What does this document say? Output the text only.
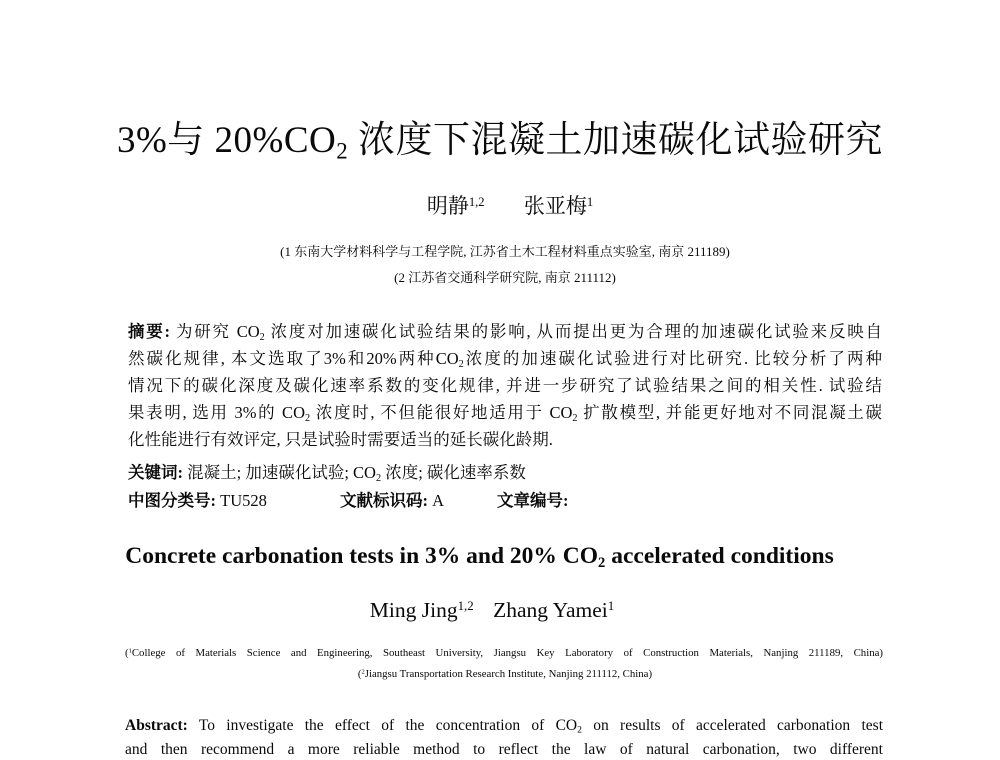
3%与 $20\%CO_2$ 浓度下混凝土加速碳化试验研究
明静$^{1,2}$ 张亚梅$^1$
(1 东南大学材料科学与工程学院, 江苏省土木工程材料重点实验室, 南京 211189)
(2 江苏省交通科学研究院, 南京 211112)
摘要: 为研究 $CO_2$ 浓度对加速碳化试验结果的影响, 从而提出更为合理的加速碳化试验来反映自
然碳化规律, 本文选取了3%和20%两种$CO_2$浓度的加速碳化试验进行对比研究. 比较分析了两种
情况下的碳化深度及碳化速率系数的变化规律, 并进一步研究了试验结果之间的相关性. 试验结
果表明, 选用 3%的 $CO_2$ 浓度时, 不但能很好地适用于 $CO_2$ 扩散模型, 并能更好地对不同混凝土碳
化性能进行有效评定, 只是试验时需要适当的延长碳化龄期.
关键词: 混凝土; 加速碳化试验; $CO_2$ 浓度; 碳化速率系数
中图分类号: TU528	文献标识码: A	文章编号:
Concrete carbonation tests in 3% and 20% $CO_2$ accelerated conditions
Ming Jing$^{1,2}$ Zhang Yamei$^1$
($^1$College of Materials Science and Engineering, Southeast University, Jiangsu Key Laboratory of Construction Materials, Nanjing 211189, China)
($^2$Jiangsu Transportation Research Institute, Nanjing 211112, China)
Abstract: To investigate the effect of the concentration of $CO_2$ on results of accelerated carbonation test
and then recommend a more reliable method to reflect the law of natural carbonation, two different
